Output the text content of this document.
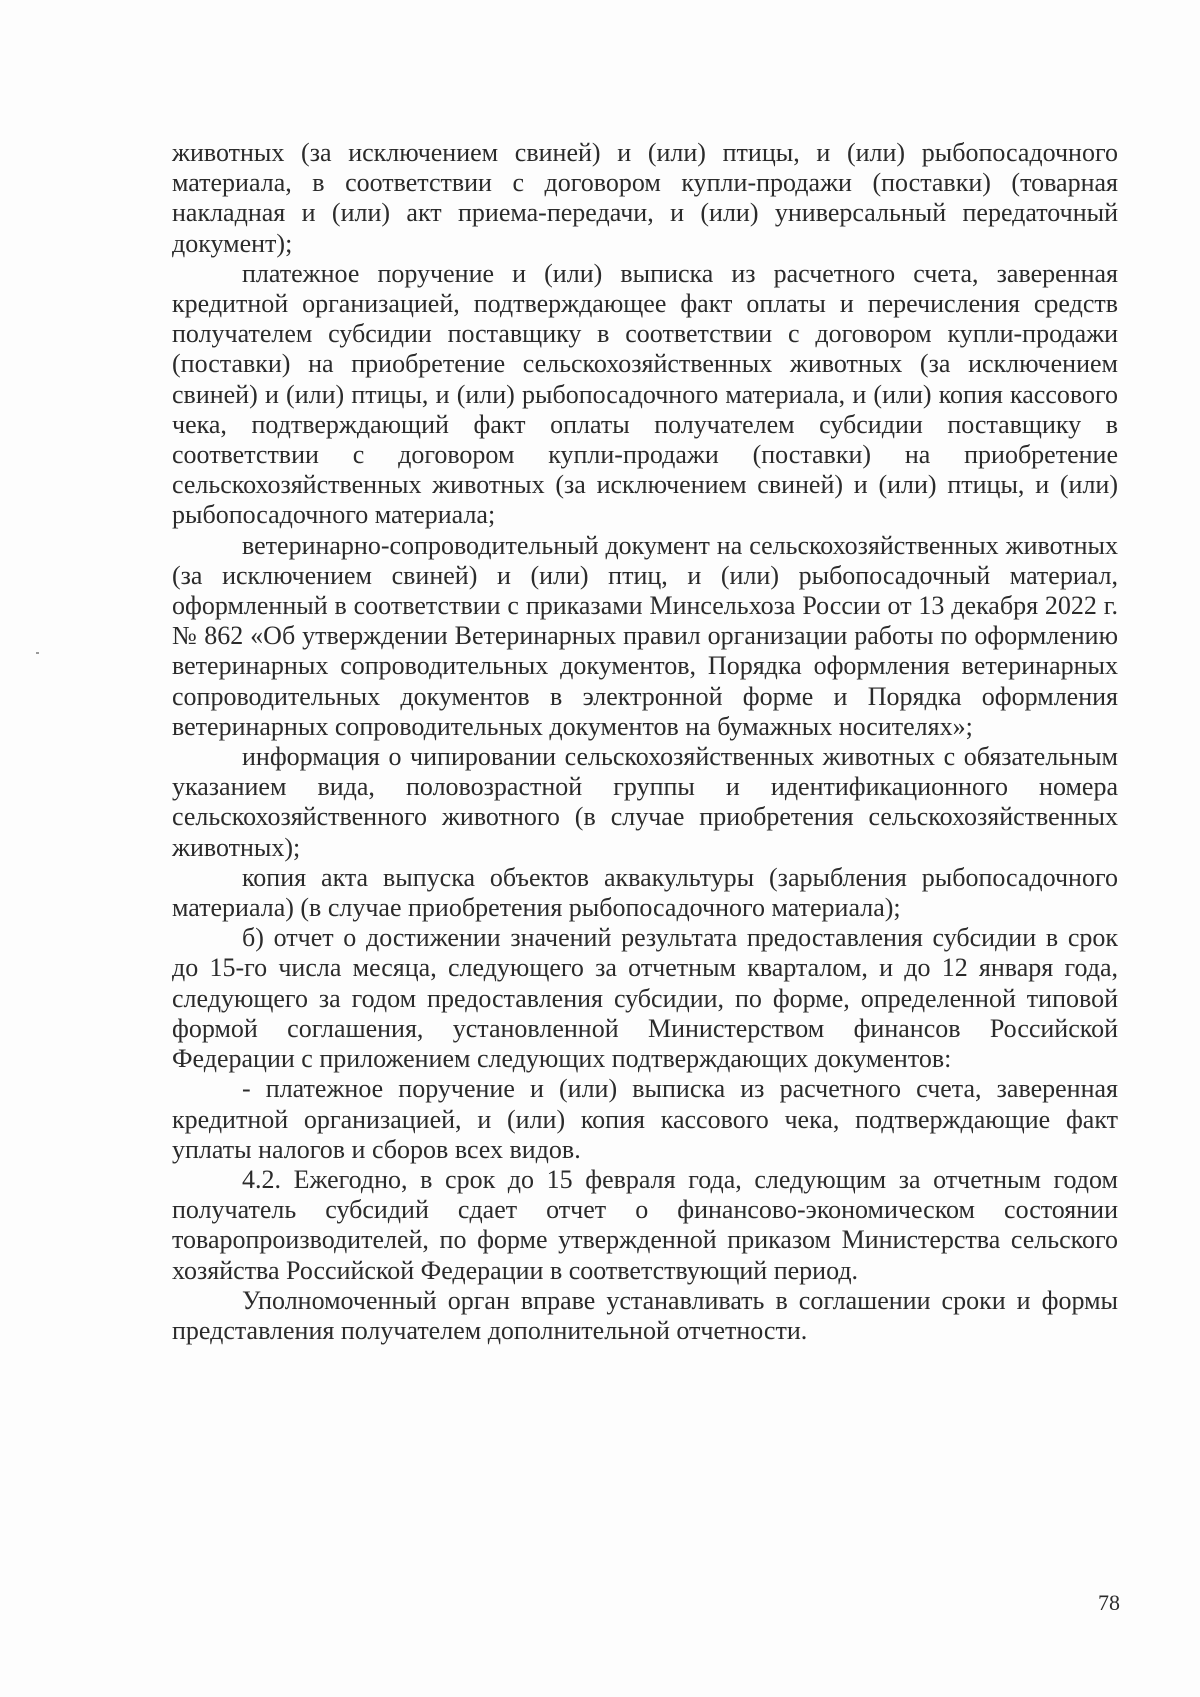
животных (за исключением свиней) и (или) птицы, и (или) рыбопосадочного материала, в соответствии с договором купли-продажи (поставки) (товарная накладная и (или) акт приема-передачи, и (или) универсальный передаточный документ);

платежное поручение и (или) выписка из расчетного счета, заверенная кредитной организацией, подтверждающее факт оплаты и перечисления средств получателем субсидии поставщику в соответствии с договором купли-продажи (поставки) на приобретение сельскохозяйственных животных (за исключением свиней) и (или) птицы, и (или) рыбопосадочного материала, и (или) копия кассового чека, подтверждающий факт оплаты получателем субсидии поставщику в соответствии с договором купли-продажи (поставки) на приобретение сельскохозяйственных животных (за исключением свиней) и (или) птицы, и (или) рыбопосадочного материала;

ветеринарно-сопроводительный документ на сельскохозяйственных животных (за исключением свиней) и (или) птиц, и (или) рыбопосадочный материал, оформленный в соответствии с приказами Минсельхоза России от 13 декабря 2022 г. № 862 «Об утверждении Ветеринарных правил организации работы по оформлению ветеринарных сопроводительных документов, Порядка оформления ветеринарных сопроводительных документов в электронной форме и Порядка оформления ветеринарных сопроводительных документов на бумажных носителях»;

информация о чипировании сельскохозяйственных животных с обязательным указанием вида, половозрастной группы и идентификационного номера сельскохозяйственного животного (в случае приобретения сельскохозяйственных животных);

копия акта выпуска объектов аквакультуры (зарыбления рыбопосадочного материала) (в случае приобретения рыбопосадочного материала);

б) отчет о достижении значений результата предоставления субсидии в срок до 15-го числа месяца, следующего за отчетным кварталом, и до 12 января года, следующего за годом предоставления субсидии, по форме, определенной типовой формой соглашения, установленной Министерством финансов Российской Федерации с приложением следующих подтверждающих документов:

- платежное поручение и (или) выписка из расчетного счета, заверенная кредитной организацией, и (или) копия кассового чека, подтверждающие факт уплаты налогов и сборов всех видов.

4.2. Ежегодно, в срок до 15 февраля года, следующим за отчетным годом получатель субсидий сдает отчет о финансово-экономическом состоянии товаропроизводителей, по форме утвержденной приказом Министерства сельского хозяйства Российской Федерации в соответствующий период.

Уполномоченный орган вправе устанавливать в соглашении сроки и формы представления получателем дополнительной отчетности.

78
